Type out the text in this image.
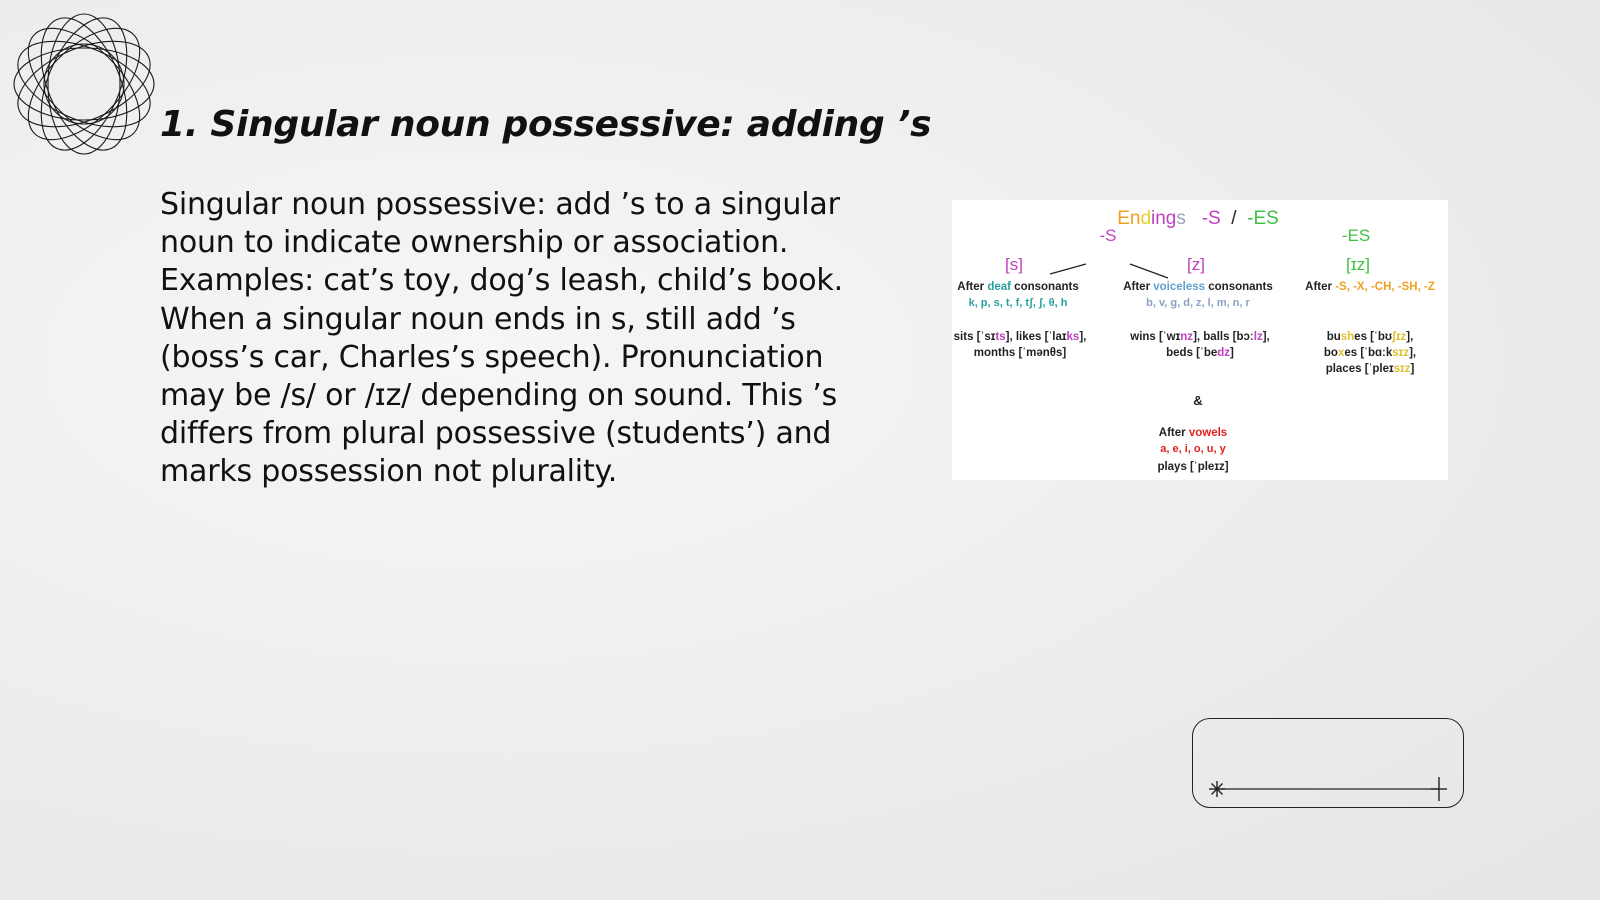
1. Singular noun possessive: adding ’s

Singular noun possessive: add ’s to a singular noun to indicate ownership or association. Examples: cat’s toy, dog’s leash, child’s book. When a singular noun ends in s, still add ’s (boss’s car, Charles’s speech). Pronunciation may be /s/ or /ɪz/ depending on sound. This ’s differs from plural possessive (students’) and marks possession not plurality.

Endings -S / -ES
-S	-ES
[s]
After deaf consonants
k, p, s, t, f, tʃ, ʃ, θ, h
sits [ˈsɪts], likes [ˈlaɪks],
months [ˈmənθs]
[z]
After voiceless consonants
b, v, g, d, z, l, m, n, r
wins [ˈwɪnz], balls [bɔːlz],
beds [ˈbedz]
[ɪz]
After -S, -X, -CH, -SH, -Z
bushes [ˈbʊʃɪz],
boxes [ˈbɑːksɪz],
places [ˈpleɪsɪz]
&
After vowels
a, e, i, o, u, y
plays [ˈpleɪz]
